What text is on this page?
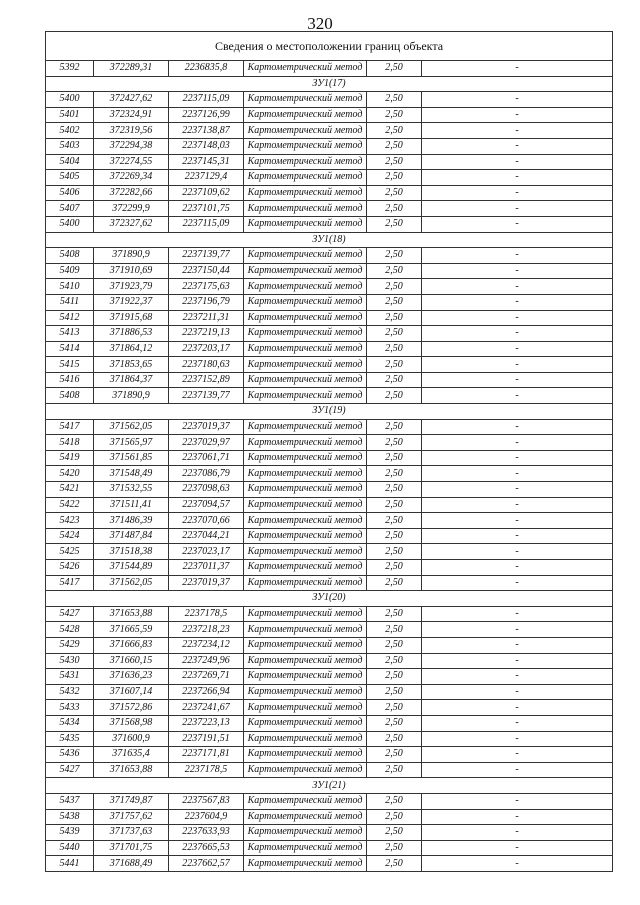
320
Сведения о местоположении границ объекта					
5392	372289,31	2236835,8	Картометрический метод	2,50	-
ЗУ1(17)					
5400	372427,62	2237115,09	Картометрический метод	2,50	-
5401	372324,91	2237126,99	Картометрический метод	2,50	-
5402	372319,56	2237138,87	Картометрический метод	2,50	-
5403	372294,38	2237148,03	Картометрический метод	2,50	-
5404	372274,55	2237145,31	Картометрический метод	2,50	-
5405	372269,34	2237129,4	Картометрический метод	2,50	-
5406	372282,66	2237109,62	Картометрический метод	2,50	-
5407	372299,9	2237101,75	Картометрический метод	2,50	-
5400	372327,62	2237115,09	Картометрический метод	2,50	-
ЗУ1(18)					
5408	371890,9	2237139,77	Картометрический метод	2,50	-
5409	371910,69	2237150,44	Картометрический метод	2,50	-
5410	371923,79	2237175,63	Картометрический метод	2,50	-
5411	371922,37	2237196,79	Картометрический метод	2,50	-
5412	371915,68	2237211,31	Картометрический метод	2,50	-
5413	371886,53	2237219,13	Картометрический метод	2,50	-
5414	371864,12	2237203,17	Картометрический метод	2,50	-
5415	371853,65	2237180,63	Картометрический метод	2,50	-
5416	371864,37	2237152,89	Картометрический метод	2,50	-
5408	371890,9	2237139,77	Картометрический метод	2,50	-
ЗУ1(19)					
5417	371562,05	2237019,37	Картометрический метод	2,50	-
5418	371565,97	2237029,97	Картометрический метод	2,50	-
5419	371561,85	2237061,71	Картометрический метод	2,50	-
5420	371548,49	2237086,79	Картометрический метод	2,50	-
5421	371532,55	2237098,63	Картометрический метод	2,50	-
5422	371511,41	2237094,57	Картометрический метод	2,50	-
5423	371486,39	2237070,66	Картометрический метод	2,50	-
5424	371487,84	2237044,21	Картометрический метод	2,50	-
5425	371518,38	2237023,17	Картометрический метод	2,50	-
5426	371544,89	2237011,37	Картометрический метод	2,50	-
5417	371562,05	2237019,37	Картометрический метод	2,50	-
ЗУ1(20)					
5427	371653,88	2237178,5	Картометрический метод	2,50	-
5428	371665,59	2237218,23	Картометрический метод	2,50	-
5429	371666,83	2237234,12	Картометрический метод	2,50	-
5430	371660,15	2237249,96	Картометрический метод	2,50	-
5431	371636,23	2237269,71	Картометрический метод	2,50	-
5432	371607,14	2237266,94	Картометрический метод	2,50	-
5433	371572,86	2237241,67	Картометрический метод	2,50	-
5434	371568,98	2237223,13	Картометрический метод	2,50	-
5435	371600,9	2237191,51	Картометрический метод	2,50	-
5436	371635,4	2237171,81	Картометрический метод	2,50	-
5427	371653,88	2237178,5	Картометрический метод	2,50	-
ЗУ1(21)					
5437	371749,87	2237567,83	Картометрический метод	2,50	-
5438	371757,62	2237604,9	Картометрический метод	2,50	-
5439	371737,63	2237633,93	Картометрический метод	2,50	-
5440	371701,75	2237665,53	Картометрический метод	2,50	-
5441	371688,49	2237662,57	Картометрический метод	2,50	-
